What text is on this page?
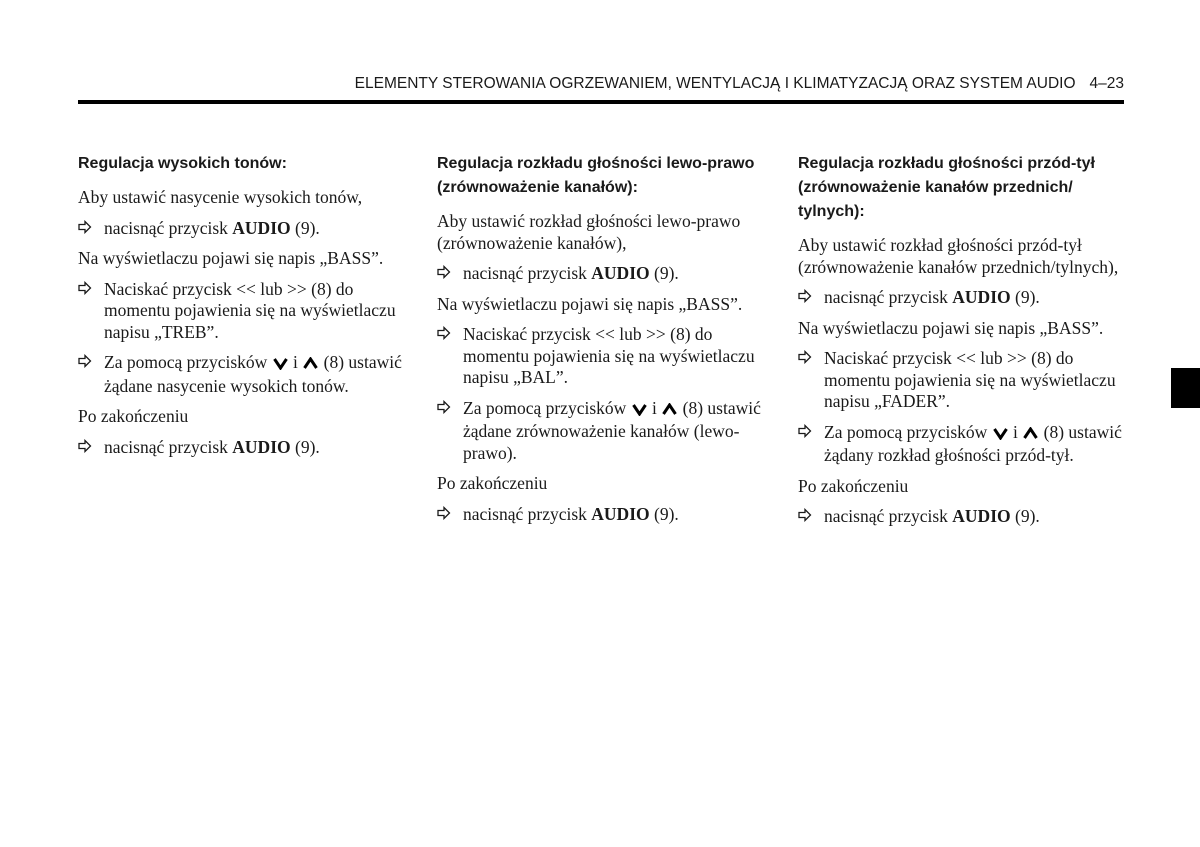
ELEMENTY STEROWANIA OGRZEWANIEM, WENTYLACJĄ I KLIMATYZACJĄ ORAZ SYSTEM AUDIO 4–23
Regulacja wysokich tonów:
Aby ustawić nasycenie wysokich tonów,
nacisnąć przycisk AUDIO (9).
Na wyświetlaczu pojawi się napis „BASS”.
Naciskać przycisk << lub >> (8) do momentu pojawienia się na wyświetlaczu napisu „TREB”.
Za pomocą przycisków i (8) ustawić żądane nasycenie wysokich tonów.
Po zakończeniu
nacisnąć przycisk AUDIO (9).
Regulacja rozkładu głośności lewo-prawo (zrównoważenie kanałów):
Aby ustawić rozkład głośności lewo-prawo (zrównoważenie kanałów),
nacisnąć przycisk AUDIO (9).
Na wyświetlaczu pojawi się napis „BASS”.
Naciskać przycisk << lub >> (8) do momentu pojawienia się na wyświetlaczu napisu „BAL”.
Za pomocą przycisków i (8) ustawić żądane zrównoważenie kanałów (lewo-prawo).
Po zakończeniu
nacisnąć przycisk AUDIO (9).
Regulacja rozkładu głośności przód-tył (zrównoważenie kanałów przednich/ tylnych):
Aby ustawić rozkład głośności przód-tył (zrównoważenie kanałów przednich/tylnych),
nacisnąć przycisk AUDIO (9).
Na wyświetlaczu pojawi się napis „BASS”.
Naciskać przycisk << lub >> (8) do momentu pojawienia się na wyświetlaczu napisu „FADER”.
Za pomocą przycisków i (8) ustawić żądany rozkład głośności przód-tył.
Po zakończeniu
nacisnąć przycisk AUDIO (9).
